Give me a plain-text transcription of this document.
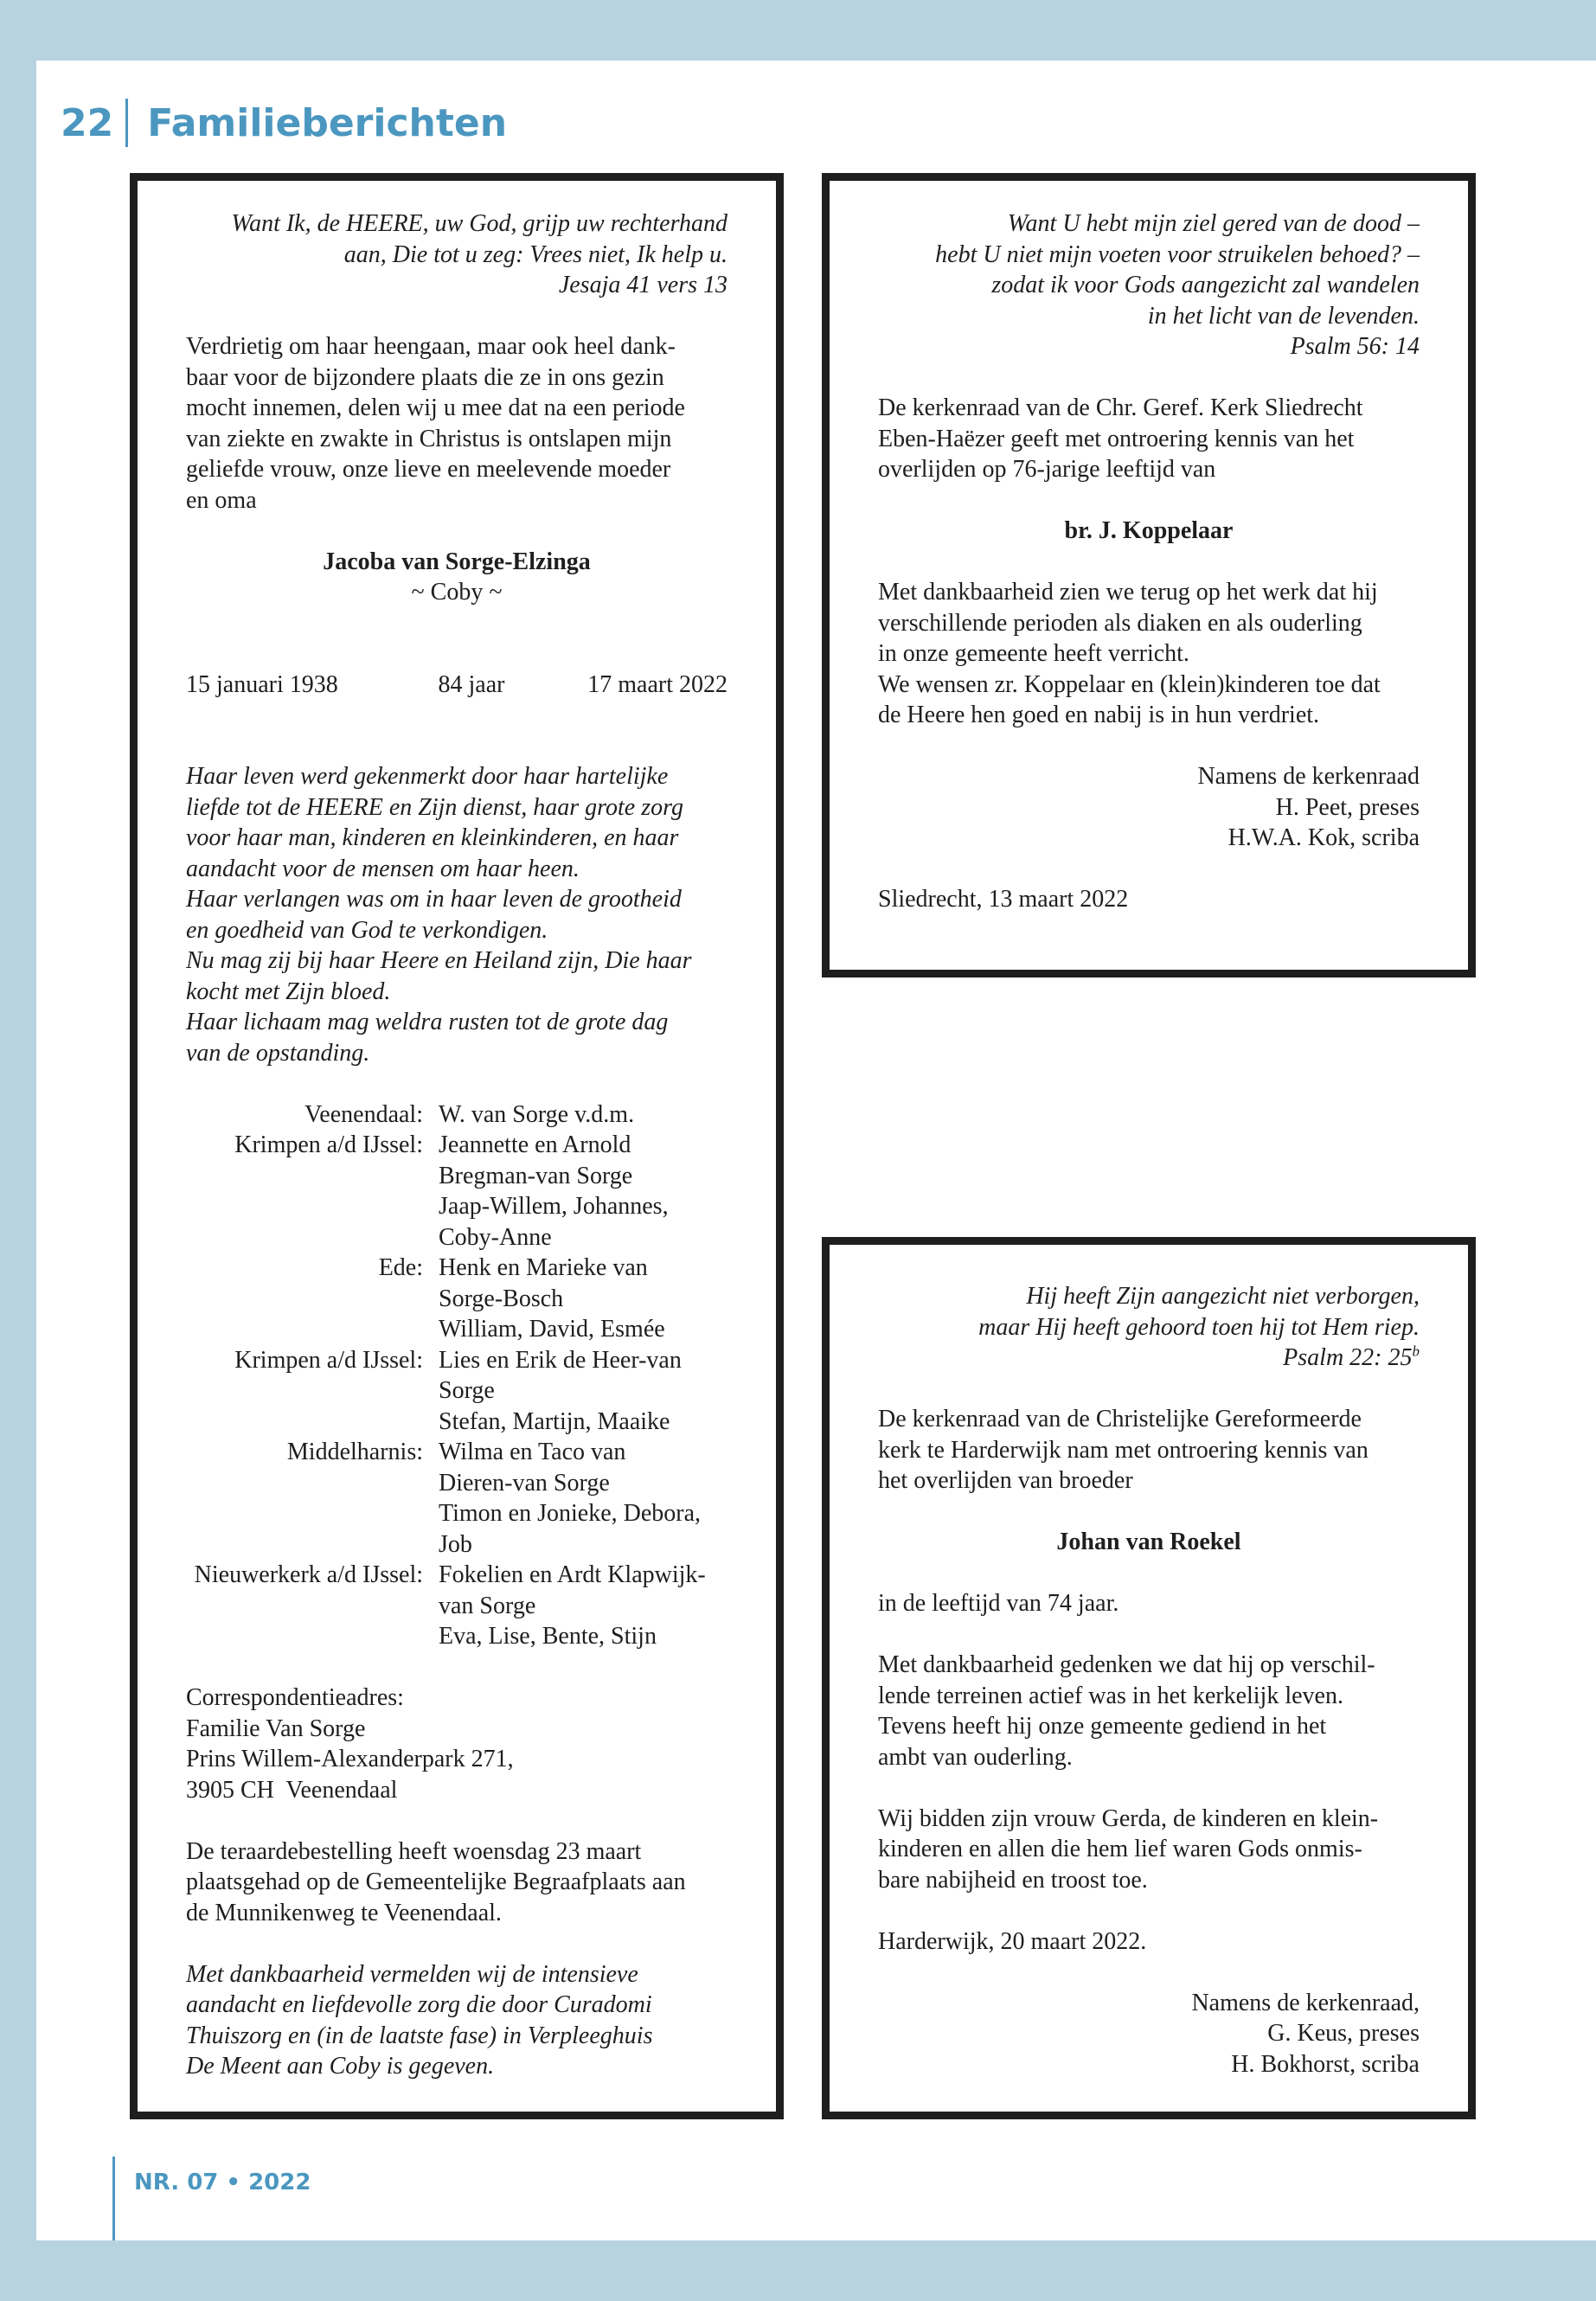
22 Familieberichten

Want Ik, de HEERE, uw God, grijp uw rechterhand

aan, Die tot u zeg: Vrees niet, Ik help u.

Jesaja 41 vers 13

Verdrietig om haar heengaan, maar ook heel dank-

baar voor de bijzondere plaats die ze in ons gezin

mocht innemen, delen wij u mee dat na een periode

van ziekte en zwakte in Christus is ontslapen mijn

geliefde vrouw, onze lieve en meelevende moeder

en oma

Jacoba van Sorge-Elzinga

~ Coby ~

15 januari 1938	84 jaar	17 maart 2022

Haar leven werd gekenmerkt door haar hartelijke

liefde tot de HEERE en Zijn dienst, haar grote zorg

voor haar man, kinderen en kleinkinderen, en haar

aandacht voor de mensen om haar heen.

Haar verlangen was om in haar leven de grootheid

en goedheid van God te verkondigen.

Nu mag zij bij haar Heere en Heiland zijn, Die haar

kocht met Zijn bloed.

Haar lichaam mag weldra rusten tot de grote dag

van de opstanding.

Veenendaal: W. van Sorge v.d.m.

Krimpen a/d IJssel: Jeannette en Arnold

Bregman-van Sorge

Jaap-Willem, Johannes,

Coby-Anne

Ede: Henk en Marieke van

Sorge-Bosch

William, David, Esmée

Krimpen a/d IJssel: Lies en Erik de Heer-van

Sorge

Stefan, Martijn, Maaike

Middelharnis: Wilma en Taco van

Dieren-van Sorge

Timon en Jonieke, Debora,

Job

Nieuwerkerk a/d IJssel: Fokelien en Ardt Klapwijk-

van Sorge

Eva, Lise, Bente, Stijn

Correspondentieadres:

Familie Van Sorge

Prins Willem-Alexanderpark 271,

3905 CH  Veenendaal

De teraardebestelling heeft woensdag 23 maart

plaatsgehad op de Gemeentelijke Begraafplaats aan

de Munnikenweg te Veenendaal.

Met dankbaarheid vermelden wij de intensieve

aandacht en liefdevolle zorg die door Curadomi

Thuiszorg en (in de laatste fase) in Verpleeghuis

De Meent aan Coby is gegeven.

Want U hebt mijn ziel gered van de dood –

hebt U niet mijn voeten voor struikelen behoed? –

zodat ik voor Gods aangezicht zal wandelen

in het licht van de levenden.

Psalm 56: 14

De kerkenraad van de Chr. Geref. Kerk Sliedrecht

Eben-Haëzer geeft met ontroering kennis van het

overlijden op 76-jarige leeftijd van

br. J. Koppelaar

Met dankbaarheid zien we terug op het werk dat hij

verschillende perioden als diaken en als ouderling

in onze gemeente heeft verricht.

We wensen zr. Koppelaar en (klein)kinderen toe dat

de Heere hen goed en nabij is in hun verdriet.

Namens de kerkenraad

H. Peet, preses

H.W.A. Kok, scriba

Sliedrecht, 13 maart 2022

Hij heeft Zijn aangezicht niet verborgen,

maar Hij heeft gehoord toen hij tot Hem riep.

Psalm 22: 25$^b$

De kerkenraad van de Christelijke Gereformeerde

kerk te Harderwijk nam met ontroering kennis van

het overlijden van broeder

Johan van Roekel

in de leeftijd van 74 jaar.

Met dankbaarheid gedenken we dat hij op verschil-

lende terreinen actief was in het kerkelijk leven.

Tevens heeft hij onze gemeente gediend in het

ambt van ouderling.

Wij bidden zijn vrouw Gerda, de kinderen en klein-

kinderen en allen die hem lief waren Gods onmis-

bare nabijheid en troost toe.

Harderwijk, 20 maart 2022.

Namens de kerkenraad,

G. Keus, preses

H. Bokhorst, scriba

NR. 07 • 2022
